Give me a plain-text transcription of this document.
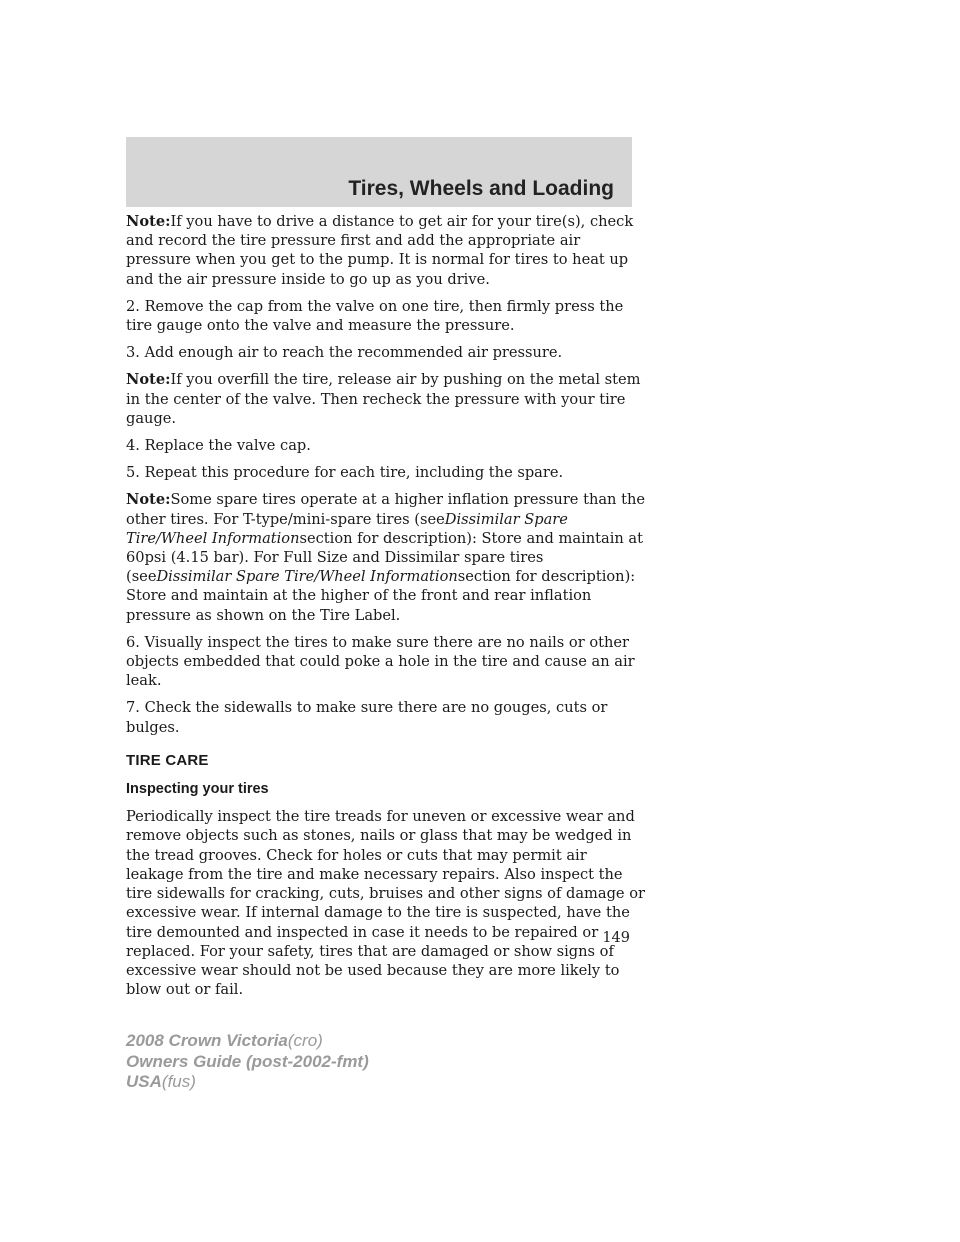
Tires, Wheels and Loading

Note:If you have to drive a distance to get air for your tire(s), check and record the tire pressure first and add the appropriate air pressure when you get to the pump. It is normal for tires to heat up and the air pressure inside to go up as you drive.

2. Remove the cap from the valve on one tire, then firmly press the tire gauge onto the valve and measure the pressure.

3. Add enough air to reach the recommended air pressure.

Note:If you overfill the tire, release air by pushing on the metal stem in the center of the valve. Then recheck the pressure with your tire gauge.

4. Replace the valve cap.

5. Repeat this procedure for each tire, including the spare.

Note:Some spare tires operate at a higher inflation pressure than the other tires. For T-type/mini-spare tires (seeDissimilar Spare Tire/Wheel Informationsection for description): Store and maintain at 60psi (4.15 bar). For Full Size and Dissimilar spare tires (seeDissimilar Spare Tire/Wheel Informationsection for description): Store and maintain at the higher of the front and rear inflation pressure as shown on the Tire Label.

6. Visually inspect the tires to make sure there are no nails or other objects embedded that could poke a hole in the tire and cause an air leak.

7. Check the sidewalls to make sure there are no gouges, cuts or bulges.

TIRE CARE
Inspecting your tires

Periodically inspect the tire treads for uneven or excessive wear and remove objects such as stones, nails or glass that may be wedged in the tread grooves. Check for holes or cuts that may permit air leakage from the tire and make necessary repairs. Also inspect the tire sidewalls for cracking, cuts, bruises and other signs of damage or excessive wear. If internal damage to the tire is suspected, have the tire demounted and inspected in case it needs to be repaired or replaced. For your safety, tires that are damaged or show signs of excessive wear should not be used because they are more likely to blow out or fail.

149
2008 Crown Victoria(cro)
Owners Guide (post-2002-fmt)
USA(fus)
